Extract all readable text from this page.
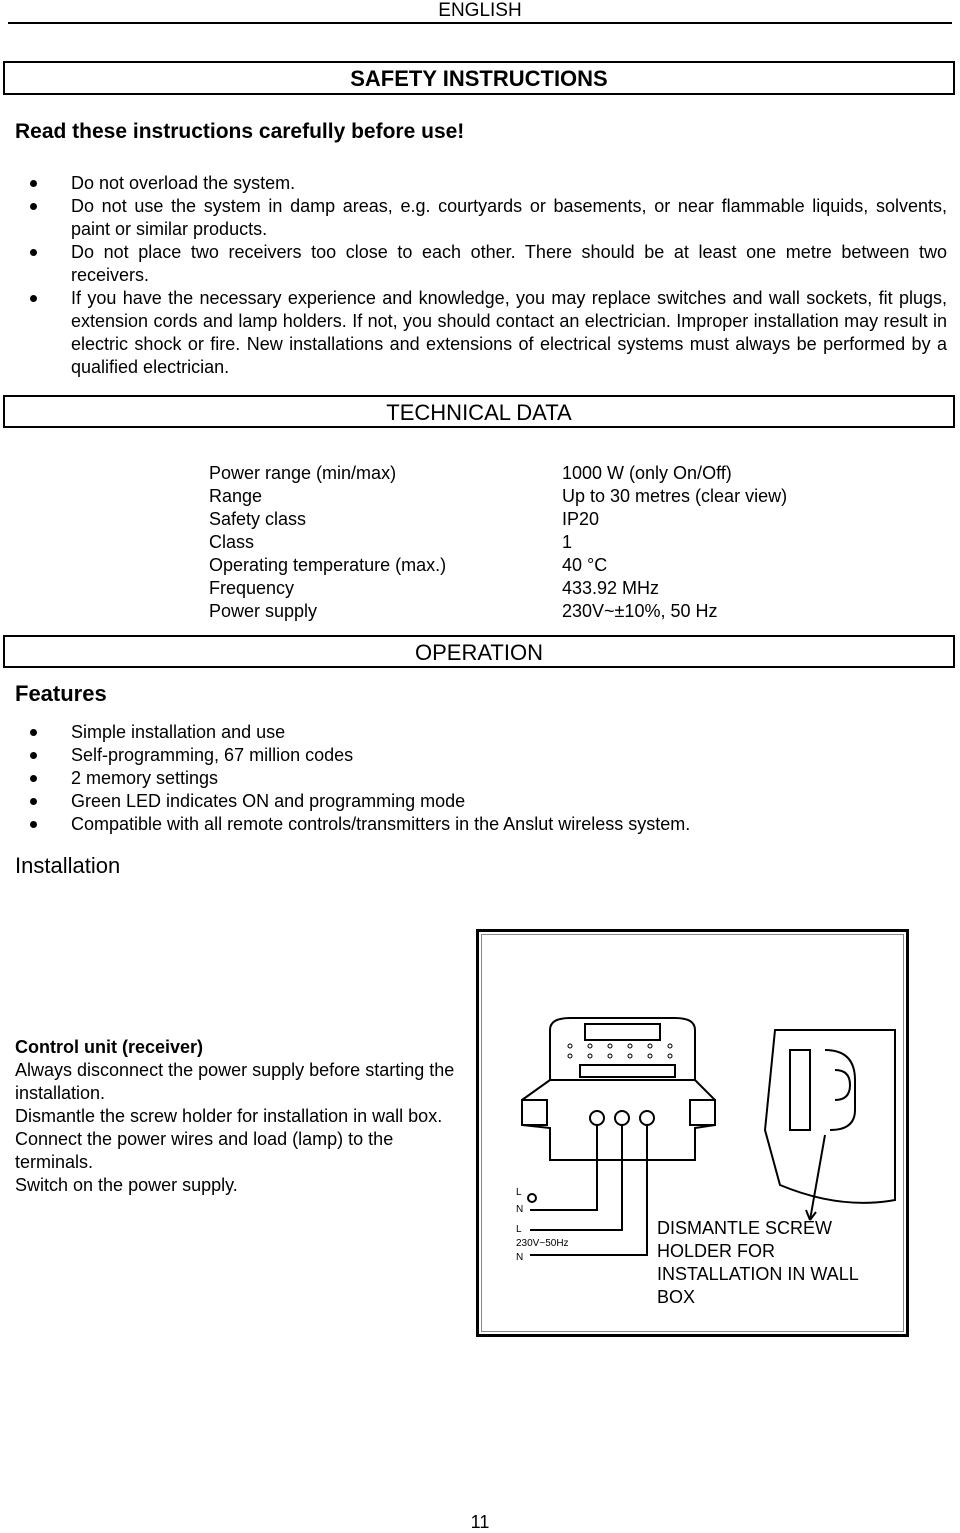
ENGLISH
SAFETY INSTRUCTIONS
Read these instructions carefully before use!
Do not overload the system.
Do not use the system in damp areas, e.g. courtyards or basements, or near flammable liquids, solvents, paint or similar products.
Do not place two receivers too close to each other. There should be at least one metre between two receivers.
If you have the necessary experience and knowledge, you may replace switches and wall sockets, fit plugs, extension cords and lamp holders. If not, you should contact an electrician. Improper installation may result in electric shock or fire. New installations and extensions of electrical systems must always be performed by a qualified electrician.
TECHNICAL DATA
Power range (min/max)	1000 W (only On/Off)
Range	Up to 30 metres (clear view)
Safety class	IP20
Class	1
Operating temperature (max.)	40 °C
Frequency	433.92 MHz
Power supply	230V~±10%, 50 Hz
OPERATION
Features
Simple installation and use
Self-programming, 67 million codes
2 memory settings
Green LED indicates ON and programming mode
Compatible with all remote controls/transmitters in the Anslut wireless system.
Installation
Control unit (receiver)
Always disconnect the power supply before starting the installation.
Dismantle the screw holder for installation in wall box.
Connect the power wires and load (lamp) to the terminals.
Switch on the power supply.	L
N
L
230V~50Hz
N
DISMANTLE SCREW HOLDER FOR INSTALLATION IN WALL BOX
11
